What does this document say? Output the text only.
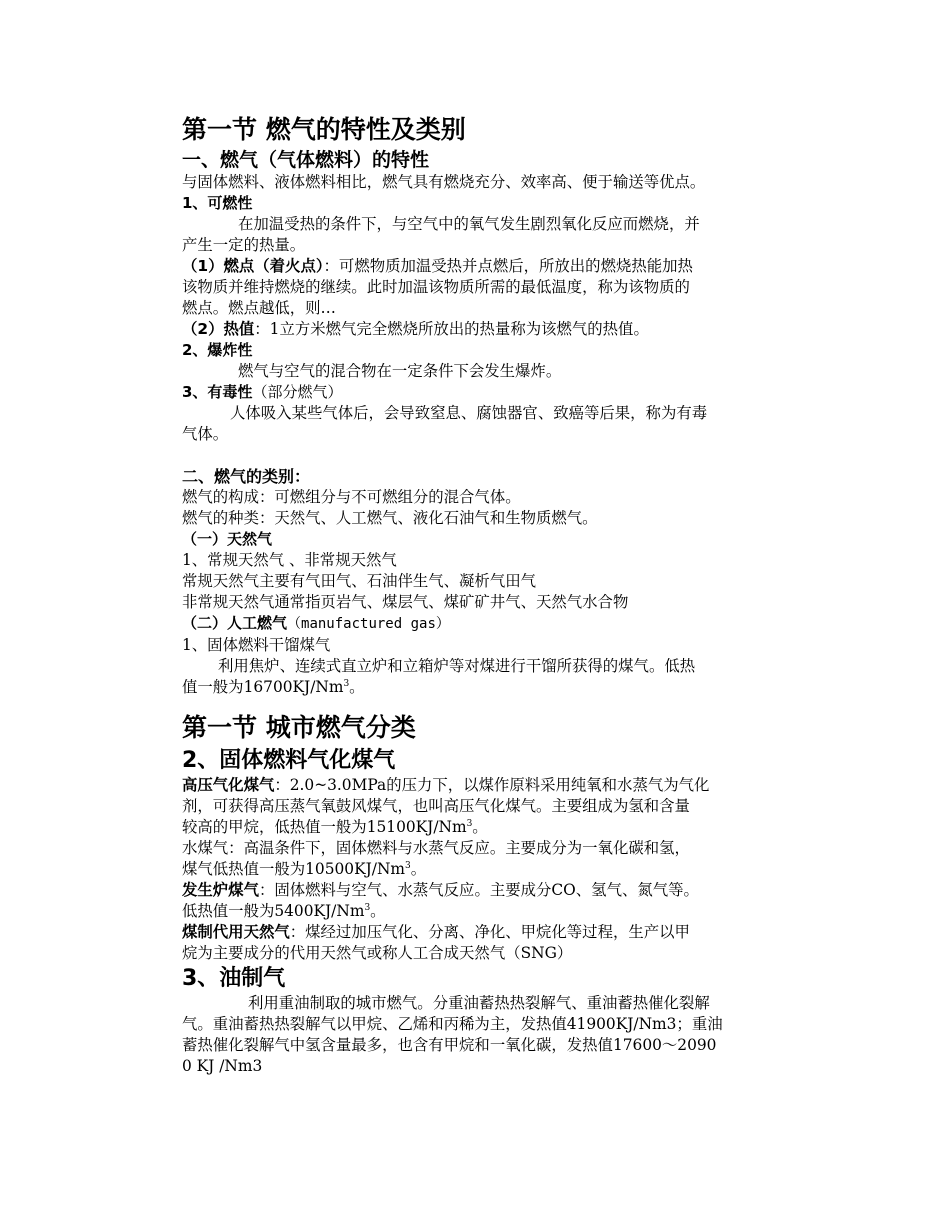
第一节 燃气的特性及类别
一、燃气（气体燃料）的特性
与固体燃料、液体燃料相比，燃气具有燃烧充分、效率高、便于输送等优点。
1、可燃性
在加温受热的条件下，与空气中的氧气发生剧烈氧化反应而燃烧，并
产生一定的热量。
（1）燃点（着火点）：可燃物质加温受热并点燃后，所放出的燃烧热能加热
该物质并维持燃烧的继续。此时加温该物质所需的最低温度，称为该物质的
燃点。燃点越低，则…
（2）热值：1立方米燃气完全燃烧所放出的热量称为该燃气的热值。
2、爆炸性
燃气与空气的混合物在一定条件下会发生爆炸。
3、有毒性（部分燃气）
人体吸入某些气体后，会导致窒息、腐蚀器官、致癌等后果，称为有毒
气体。
二、燃气的类别：
燃气的构成：可燃组分与不可燃组分的混合气体。
燃气的种类：天然气、人工燃气、液化石油气和生物质燃气。
（一）天然气
1、常规天然气 、非常规天然气
常规天然气主要有气田气、石油伴生气、凝析气田气
非常规天然气通常指页岩气、煤层气、煤矿矿井气、天然气水合物
（二）人工燃气（manufactured gas）
1、固体燃料干馏煤气
利用焦炉、连续式直立炉和立箱炉等对煤进行干馏所获得的煤气。低热
值一般为16700KJ/Nm$^3$。
第一节 城市燃气分类
2、固体燃料气化煤气
高压气化煤气：2.0~3.0MPa的压力下，以煤作原料采用纯氧和水蒸气为气化
剂，可获得高压蒸气氧鼓风煤气，也叫高压气化煤气。主要组成为氢和含量
较高的甲烷，低热值一般为15100KJ/Nm$^3$。
水煤气：高温条件下，固体燃料与水蒸气反应。主要成分为一氧化碳和氢，
煤气低热值一般为10500KJ/Nm$^3$。
发生炉煤气：固体燃料与空气、水蒸气反应。主要成分CO、氢气、氮气等。
低热值一般为5400KJ/Nm$^3$。
煤制代用天然气：煤经过加压气化、分离、净化、甲烷化等过程，生产以甲
烷为主要成分的代用天然气或称人工合成天然气（SNG）
3、油制气
利用重油制取的城市燃气。分重油蓄热热裂解气、重油蓄热催化裂解
气。重油蓄热热裂解气以甲烷、乙烯和丙稀为主，发热值41900KJ/Nm3；重油
蓄热催化裂解气中氢含量最多，也含有甲烷和一氧化碳，发热值17600～2090
0 KJ /Nm3
